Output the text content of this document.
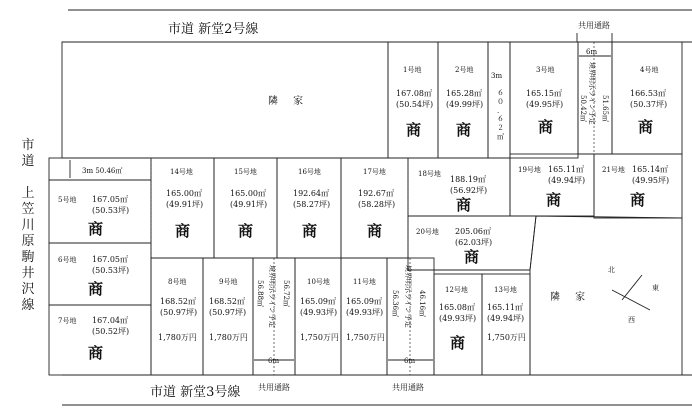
市道 新堂2号線	共用通路
隣 家
隣 家
市道 新堂3号線 共用通路	共用通路
3m
６
０
.
６
２
㎡
3m 50.46㎡
6m
6m	6m
境界明示ライン予定
50.42㎡ 51.65㎡
境界明示ライン予定
56.88㎡	56.72㎡	境界明示ライン予定
56.36㎡	46.16㎡
北
東
西
1号地
167.08㎡
(50.54坪)
商
2号地
165.28㎡
(49.99坪)
商
3号地
165.15㎡
(49.95坪)
商
4号地
166.53㎡
(50.37坪)
商
5号地 167.05㎡
(50.53坪)
商
6号地 167.05㎡
(50.53坪)
商
7号地 167.04㎡
(50.52坪)
商
8号地
168.52㎡
(50.97坪)
1,780万円
9号地
168.52㎡
(50.97坪)
1,780万円
10号地
165.09㎡
(49.93坪)
1,750万円
11号地
165.09㎡
(49.93坪)
1,750万円
12号地
165.08㎡
(49.93坪)
商
13号地
165.11㎡
(49.94坪)
1,750万円
14号地
165.00㎡
(49.91坪)
商
15号地
165.00㎡
(49.91坪)
商
16号地
192.64㎡
(58.27坪)
商
17号地
192.67㎡
(58.28坪)
商
18号地
188.19㎡
(56.92坪)
商
19号地 165.11㎡
(49.94坪)
商
20号地 205.06㎡
(62.03坪)
商
21号地 165.14㎡
(49.95坪)
商
市
道

上
笠
川
原
駒
井
沢
線
